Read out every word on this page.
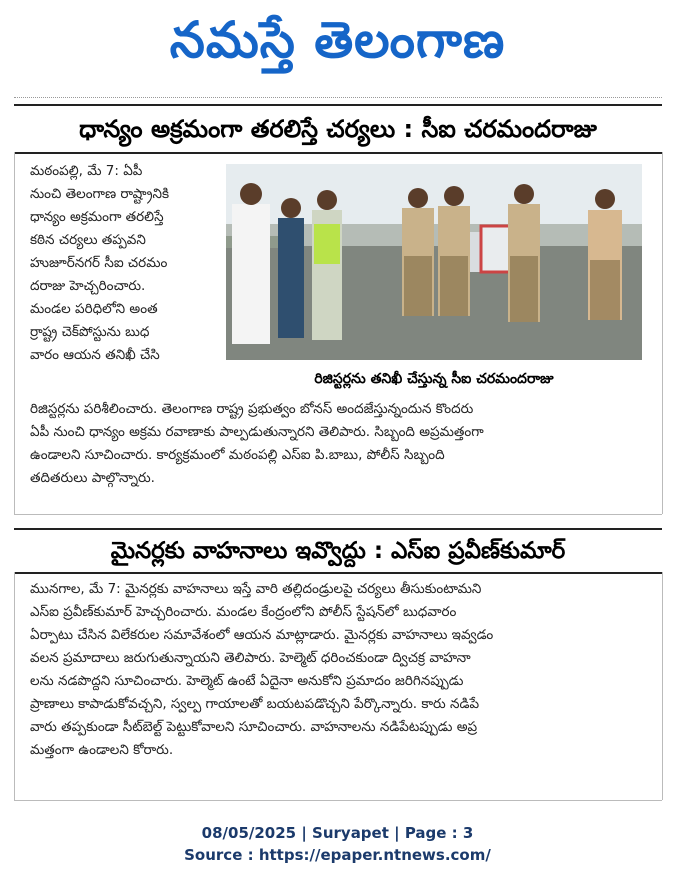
నమస్తే తెలంగాణ
ధాన్యం అక్రమంగా తరలిస్తే చర్యలు : సీఐ చరమందరాజు
మఠంపల్లి, మే 7: ఏపీ
నుంచి తెలంగాణ రాష్ట్రానికి
ధాన్యం అక్రమంగా తరలిస్తే
కఠిన చర్యలు తప్పవని
హుజూర్‌నగర్ సీఐ చరమం
దరాజు హెచ్చరించారు.
మండల పరిధిలోని అంత
ర్రాష్ట్ర చెక్‌పోస్టును బుధ
వారం ఆయన తనిఖీ చేసి
రిజిస్టర్లను తనిఖీ చేస్తున్న సీఐ చరమందరాజు
రిజిస్టర్లను పరిశీలించారు. తెలంగాణ రాష్ట్ర ప్రభుత్వం బోనస్ అందజేస్తున్నందున కొందరు
ఏపీ నుంచి ధాన్యం అక్రమ రవాణాకు పాల్పడుతున్నారని తెలిపారు. సిబ్బంది అప్రమత్తంగా
ఉండాలని సూచించారు. కార్యక్రమంలో మఠంపల్లి ఎస్ఐ పి.బాబు, పోలీస్ సిబ్బంది
తదితరులు పాల్గొన్నారు.
మైనర్లకు వాహనాలు ఇవ్వొద్దు : ఎస్ఐ ప్రవీణ్‌కుమార్
మునగాల, మే 7: మైనర్లకు వాహనాలు ఇస్తే వారి తల్లిదండ్రులపై చర్యలు తీసుకుంటామని
ఎస్ఐ ప్రవీణ్‌కుమార్ హెచ్చరించారు. మండల కేంద్రంలోని పోలీస్ స్టేషన్‌లో బుధవారం
ఏర్పాటు చేసిన విలేకరుల సమావేశంలో ఆయన మాట్లాడారు. మైనర్లకు వాహనాలు ఇవ్వడం
వలన ప్రమాదాలు జరుగుతున్నాయని తెలిపారు. హెల్మెట్ ధరించకుండా ద్విచక్ర వాహనా
లను నడపొద్దని సూచించారు. హెల్మెట్ ఉంటే ఏదైనా అనుకోని ప్రమాదం జరిగినప్పుడు
ప్రాణాలు కాపాడుకోవచ్చని, స్వల్ప గాయాలతో బయటపడొచ్చని పేర్కొన్నారు. కారు నడిపే
వారు తప్పకుండా సీట్‌బెల్ట్ పెట్టుకోవాలని సూచించారు. వాహనాలను నడిపేటప్పుడు అప్ర
మత్తంగా ఉండాలని కోరారు.
08/05/2025 | Suryapet | Page : 3
Source : https://epaper.ntnews.com/
